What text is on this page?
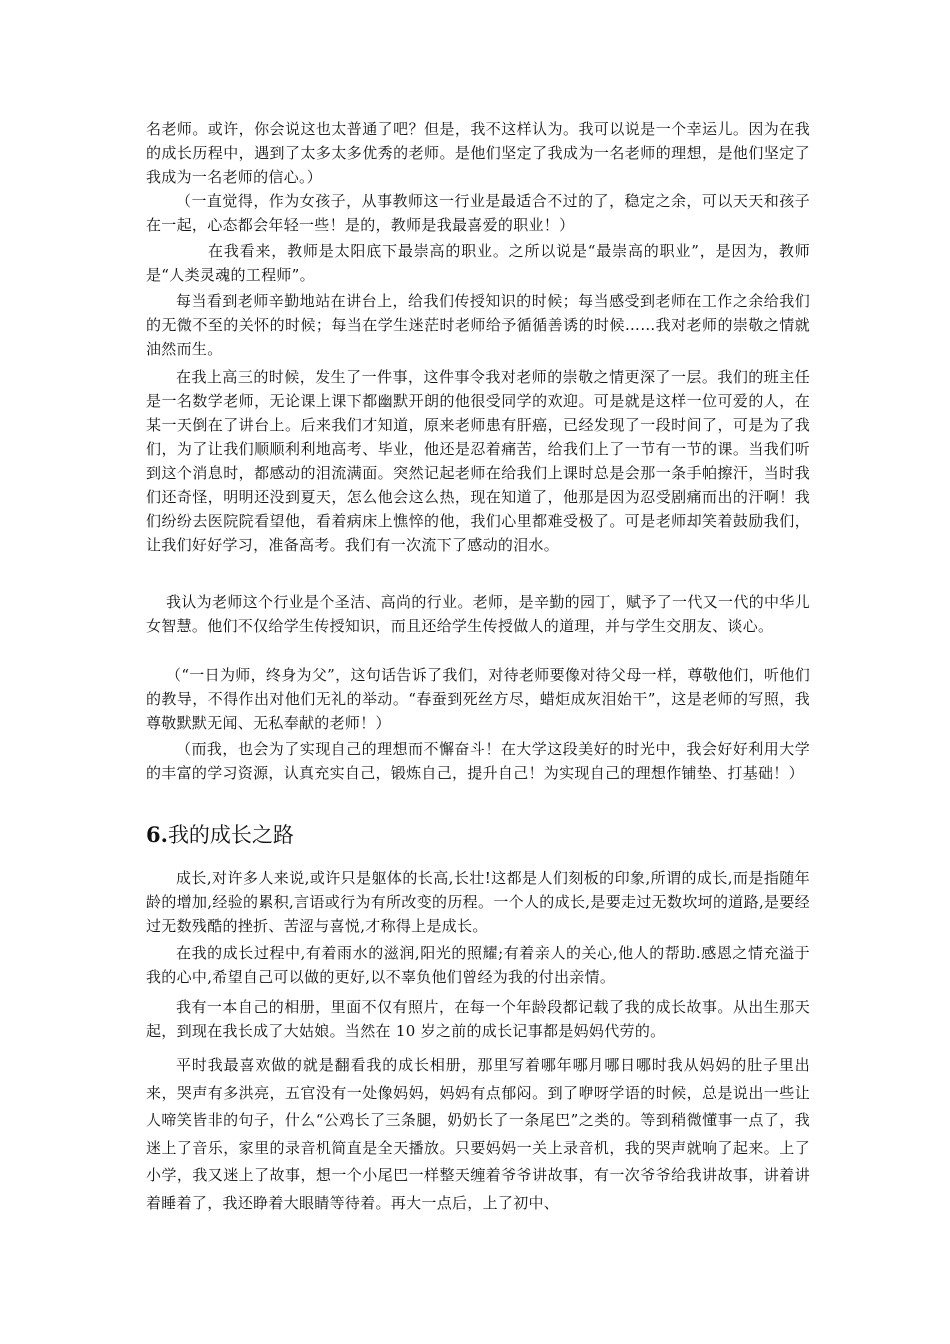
名老师。或许，你会说这也太普通了吧？但是，我不这样认为。我可以说是一个幸运儿。因为在我的成长历程中，遇到了太多太多优秀的老师。是他们坚定了我成为一名老师的理想，是他们坚定了我成为一名老师的信心。）

（一直觉得，作为女孩子，从事教师这一行业是最适合不过的了，稳定之余，可以天天和孩子在一起，心态都会年轻一些！是的，教师是我最喜爱的职业！）

在我看来，教师是太阳底下最崇高的职业。之所以说是“最崇高的职业”，是因为，教师是“人类灵魂的工程师”。

每当看到老师辛勤地站在讲台上，给我们传授知识的时候；每当感受到老师在工作之余给我们的无微不至的关怀的时候；每当在学生迷茫时老师给予循循善诱的时候……我对老师的崇敬之情就油然而生。

在我上高三的时候，发生了一件事，这件事令我对老师的崇敬之情更深了一层。我们的班主任是一名数学老师，无论课上课下都幽默开朗的他很受同学的欢迎。可是就是这样一位可爱的人，在某一天倒在了讲台上。后来我们才知道，原来老师患有肝癌，已经发现了一段时间了，可是为了我们，为了让我们顺顺利利地高考、毕业，他还是忍着痛苦，给我们上了一节有一节的课。当我们听到这个消息时，都感动的泪流满面。突然记起老师在给我们上课时总是会那一条手帕擦汗，当时我们还奇怪，明明还没到夏天，怎么他会这么热，现在知道了，他那是因为忍受剧痛而出的汗啊！我们纷纷去医院院看望他，看着病床上憔悴的他，我们心里都难受极了。可是老师却笑着鼓励我们，让我们好好学习，准备高考。我们有一次流下了感动的泪水。

我认为老师这个行业是个圣洁、高尚的行业。老师，是辛勤的园丁，赋予了一代又一代的中华儿女智慧。他们不仅给学生传授知识，而且还给学生传授做人的道理，并与学生交朋友、谈心。

（“一日为师，终身为父”，这句话告诉了我们，对待老师要像对待父母一样，尊敬他们，听他们的教导，不得作出对他们无礼的举动。“春蚕到死丝方尽，蜡炬成灰泪始干”，这是老师的写照，我尊敬默默无闻、无私奉献的老师！）

（而我，也会为了实现自己的理想而不懈奋斗！在大学这段美好的时光中，我会好好利用大学的丰富的学习资源，认真充实自己，锻炼自己，提升自己！为实现自己的理想作铺垫、打基础！）

6.我的成长之路

成长,对许多人来说,或许只是躯体的长高,长壮!这都是人们刻板的印象,所谓的成长,而是指随年龄的增加,经验的累积,言语或行为有所改变的历程。一个人的成长,是要走过无数坎坷的道路,是要经过无数残酷的挫折、苦涩与喜悦,才称得上是成长。

在我的成长过程中,有着雨水的滋润,阳光的照耀;有着亲人的关心,他人的帮助.感恩之情充溢于我的心中,希望自己可以做的更好,以不辜负他们曾经为我的付出亲情。

我有一本自己的相册，里面不仅有照片，在每一个年龄段都记载了我的成长故事。从出生那天起，到现在我长成了大姑娘。当然在 10 岁之前的成长记事都是妈妈代劳的。

平时我最喜欢做的就是翻看我的成长相册，那里写着哪年哪月哪日哪时我从妈妈的肚子里出来，哭声有多洪亮，五官没有一处像妈妈，妈妈有点郁闷。到了咿呀学语的时候，总是说出一些让人啼笑皆非的句子，什么“公鸡长了三条腿，奶奶长了一条尾巴”之类的。等到稍微懂事一点了，我迷上了音乐，家里的录音机简直是全天播放。只要妈妈一关上录音机，我的哭声就响了起来。上了小学，我又迷上了故事，想一个小尾巴一样整天缠着爷爷讲故事，有一次爷爷给我讲故事，讲着讲着睡着了，我还睁着大眼睛等待着。再大一点后，上了初中、
